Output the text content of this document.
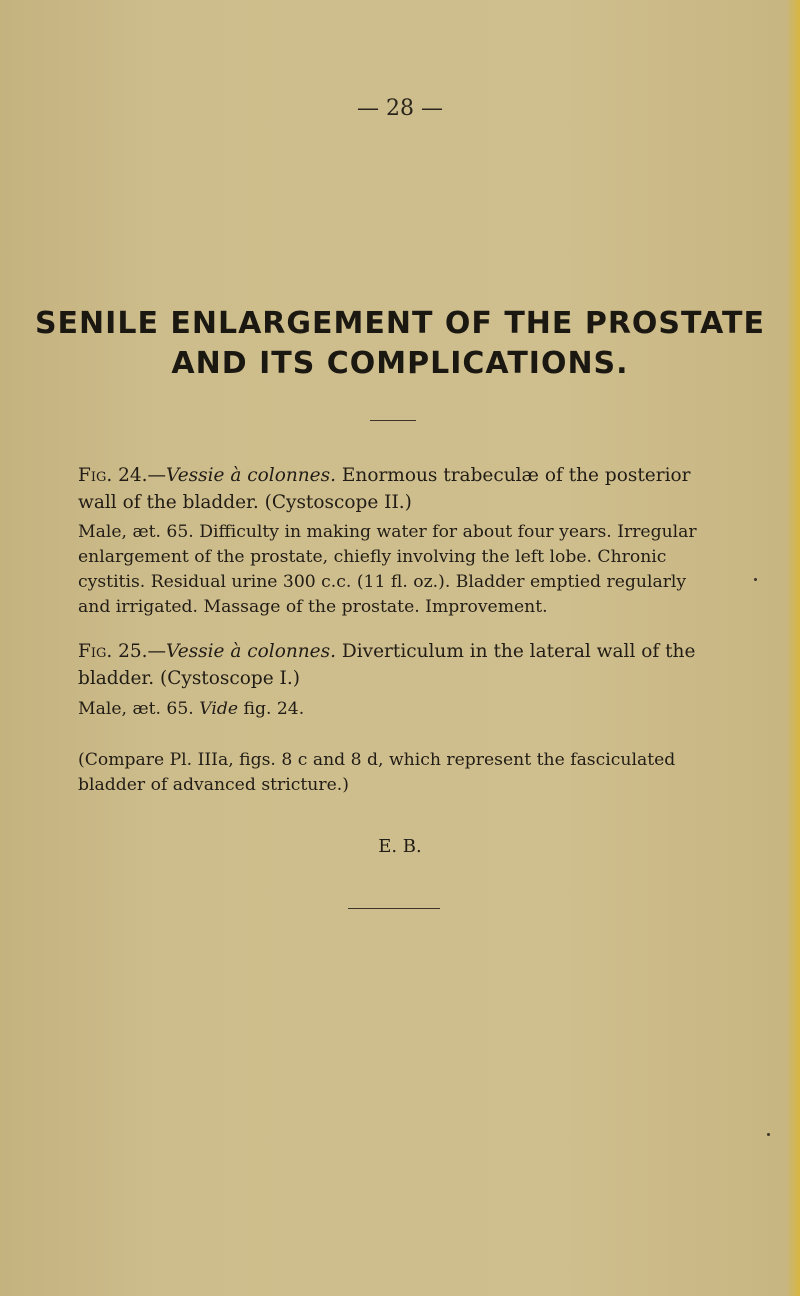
— 28 —
SENILE ENLARGEMENT OF THE PROSTATE
AND ITS COMPLICATIONS.

Fig. 24.—Vessie à colonnes. Enormous trabeculæ of the posterior wall of the bladder. (Cystoscope II.)

Male, æt. 65. Difficulty in making water for about four years. Irregular enlargement of the prostate, chiefly involving the left lobe. Chronic cystitis. Residual urine 300 c.c. (11 fl. oz.). Bladder emptied regularly and irrigated. Massage of the prostate. Improvement.

Fig. 25.—Vessie à colonnes. Diverticulum in the lateral wall of the bladder. (Cystoscope I.)

Male, æt. 65. Vide fig. 24.

(Compare Pl. IIIa, figs. 8 c and 8 d, which represent the fasciculated bladder of advanced stricture.)

E. B.
